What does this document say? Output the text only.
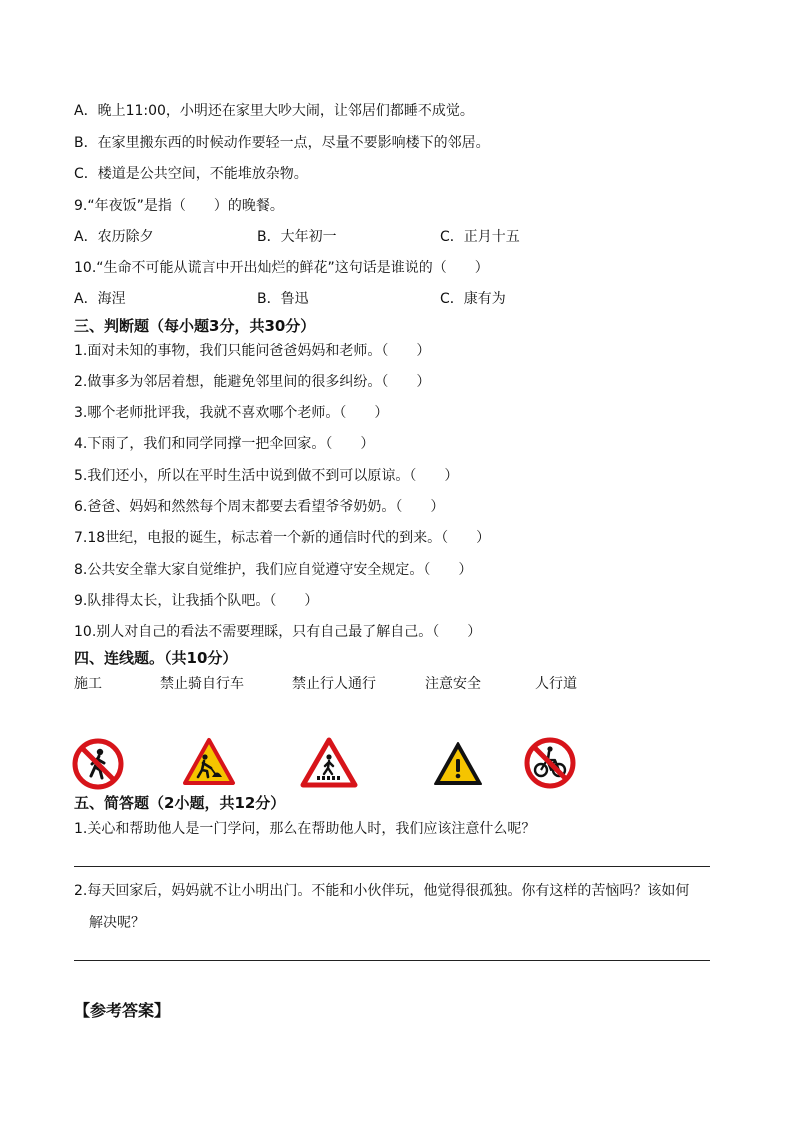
A．晚上11:00，小明还在家里大吵大闹，让邻居们都睡不成觉。
B．在家里搬东西的时候动作要轻一点，尽量不要影响楼下的邻居。
C．楼道是公共空间，不能堆放杂物。
9.“年夜饭”是指（　　）的晚餐。
A．农历除夕	B．大年初一	C．正月十五
10.“生命不可能从谎言中开出灿烂的鲜花”这句话是谁说的（　　）
A．海涅	B．鲁迅	C．康有为
三、判断题（每小题3分，共30分）
1.面对未知的事物，我们只能问爸爸妈妈和老师。（　　）
2.做事多为邻居着想，能避免邻里间的很多纠纷。（　　）
3.哪个老师批评我，我就不喜欢哪个老师。（　　）
4.下雨了，我们和同学同撑一把伞回家。（　　）
5.我们还小，所以在平时生活中说到做不到可以原谅。（　　）
6.爸爸、妈妈和然然每个周末都要去看望爷爷奶奶。（　　）
7.18世纪，电报的诞生，标志着一个新的通信时代的到来。（　　）
8.公共安全靠大家自觉维护，我们应自觉遵守安全规定。（　　）
9.队排得太长，让我插个队吧。（　　）
10.别人对自己的看法不需要理睬，只有自己最了解自己。（　　）
四、连线题。（共10分）
施工	禁止骑自行车	禁止行人通行	注意安全	人行道
五、简答题（2小题，共12分）
1.关心和帮助他人是一门学问，那么在帮助他人时，我们应该注意什么呢？
2.每天回家后，妈妈就不让小明出门。不能和小伙伴玩，他觉得很孤独。你有这样的苦恼吗？该如何
解决呢？
【参考答案】
